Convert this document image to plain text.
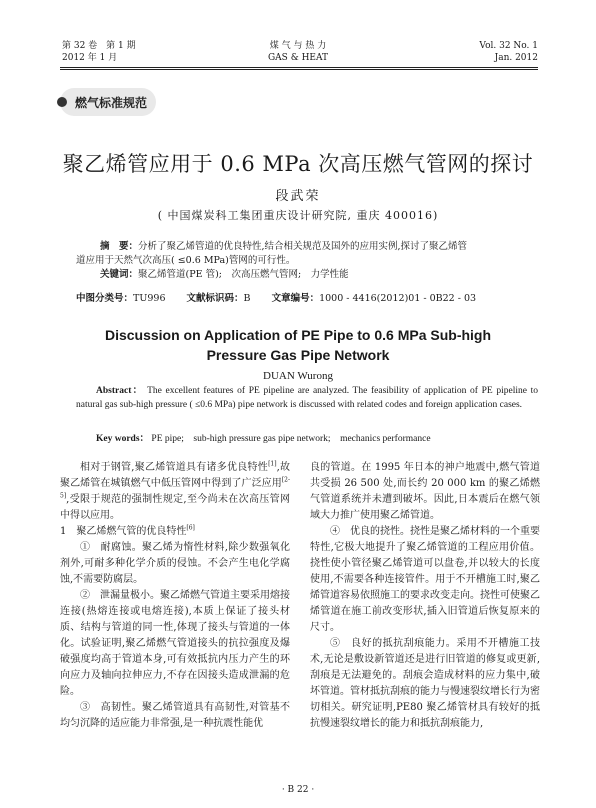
第 32 卷　第 1 期
2012 年 1 月
煤 气 与 热 力
GAS & HEAT
Vol. 32 No. 1
Jan. 2012
燃气标准规范
聚乙烯管应用于 0.6 MPa 次高压燃气管网的探讨
段武荣
( 中国煤炭科工集团重庆设计研究院, 重庆 400016)
摘　要：分析了聚乙烯管道的优良特性,结合相关规范及国外的应用实例,探讨了聚乙烯管
道应用于天然气次高压( ≤0.6 MPa)管网的可行性。
关键词：聚乙烯管道(PE 管);　次高压燃气管网;　力学性能
中图分类号：TU996 文献标识码：B 文章编号：1000 - 4416(2012)01 - 0B22 - 03
Discussion on Application of PE Pipe to 0.6 MPa Sub-high
Pressure Gas Pipe Network
DUAN Wurong
Abstract： The excellent features of PE pipeline are analyzed. The feasibility of application of PE pipeline to natural gas sub-high pressure ( ≤0.6 MPa) pipe network is discussed with related codes and foreign application cases.
Key words： PE pipe;　sub-high pressure gas pipe network;　mechanics performance

相对于钢管,聚乙烯管道具有诸多优良特性[1],故聚乙烯管在城镇燃气中低压管网中得到了广泛应用[2-5],受限于规范的强制性规定,至今尚未在次高压管网中得以应用。

1　聚乙烯燃气管的优良特性[6]

①　耐腐蚀。聚乙烯为惰性材料,除少数强氧化剂外,可耐多种化学介质的侵蚀。不会产生电化学腐蚀,不需要防腐层。

②　泄漏量极小。聚乙烯燃气管道主要采用熔接连接(热熔连接或电熔连接),本质上保证了接头材质、结构与管道的同一性,体现了接头与管道的一体化。试验证明,聚乙烯燃气管道接头的抗拉强度及爆破强度均高于管道本身,可有效抵抗内压力产生的环向应力及轴向拉伸应力,不存在因接头造成泄漏的危险。

③　高韧性。聚乙烯管道具有高韧性,对管基不均匀沉降的适应能力非常强,是一种抗震性能优

良的管道。在 1995 年日本的神户地震中,燃气管道共受损 26 500 处,而长约 20 000 km 的聚乙烯燃气管道系统并未遭到破坏。因此,日本震后在燃气领域大力推广使用聚乙烯管道。

④　优良的挠性。挠性是聚乙烯材料的一个重要特性,它极大地提升了聚乙烯管道的工程应用价值。挠性使小管径聚乙烯管道可以盘卷,并以较大的长度使用,不需要各种连接管件。用于不开槽施工时,聚乙烯管道容易依照施工的要求改变走向。挠性可使聚乙烯管道在施工前改变形状,插入旧管道后恢复原来的尺寸。

⑤　良好的抵抗刮痕能力。采用不开槽施工技术,无论是敷设新管道还是进行旧管道的修复或更新,刮痕是无法避免的。刮痕会造成材料的应力集中,破坏管道。管材抵抗刮痕的能力与慢速裂纹增长行为密切相关。研究证明,PE80 聚乙烯管材具有较好的抵抗慢速裂纹增长的能力和抵抗刮痕能力,

· B 22 ·
